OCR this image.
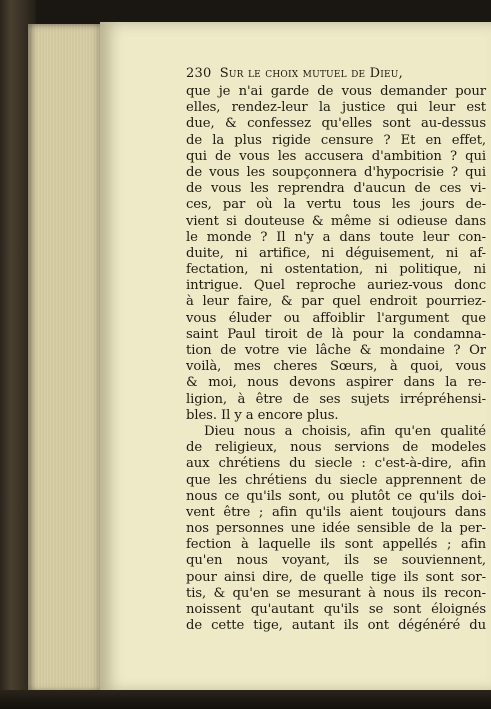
230 Sur le choix mutuel de Dieu,
que je n'ai garde de vous demander pour
elles, rendez-leur la justice qui leur est
due, & confessez qu'elles sont au-dessus
de la plus rigide censure ? Et en effet,
qui de vous les accusera d'ambition ? qui
de vous les soupçonnera d'hypocrisie ? qui
de vous les reprendra d'aucun de ces vi-
ces, par où la vertu tous les jours de-
vient si douteuse & même si odieuse dans
le monde ? Il n'y a dans toute leur con-
duite, ni artifice, ni déguisement, ni af-
fectation, ni ostentation, ni politique, ni
intrigue. Quel reproche auriez-vous donc
à leur faire, & par quel endroit pourriez-
vous éluder ou affoiblir l'argument que
saint Paul tiroit de là pour la condamna-
tion de votre vie lâche & mondaine ? Or
voilà, mes cheres Sœurs, à quoi, vous
& moi, nous devons aspirer dans la re-
ligion, à être de ses sujets irrépréhensi-
bles. Il y a encore plus.
Dieu nous a choisis, afin qu'en qualité
de religieux, nous servions de modeles
aux chrétiens du siecle : c'est-à-dire, afin
que les chrétiens du siecle apprennent de
nous ce qu'ils sont, ou plutôt ce qu'ils doi-
vent être ; afin qu'ils aient toujours dans
nos personnes une idée sensible de la per-
fection à laquelle ils sont appellés ; afin
qu'en nous voyant, ils se souviennent,
pour ainsi dire, de quelle tige ils sont sor-
tis, & qu'en se mesurant à nous ils recon-
noissent qu'autant qu'ils se sont éloignés
de cette tige, autant ils ont dégénéré du
